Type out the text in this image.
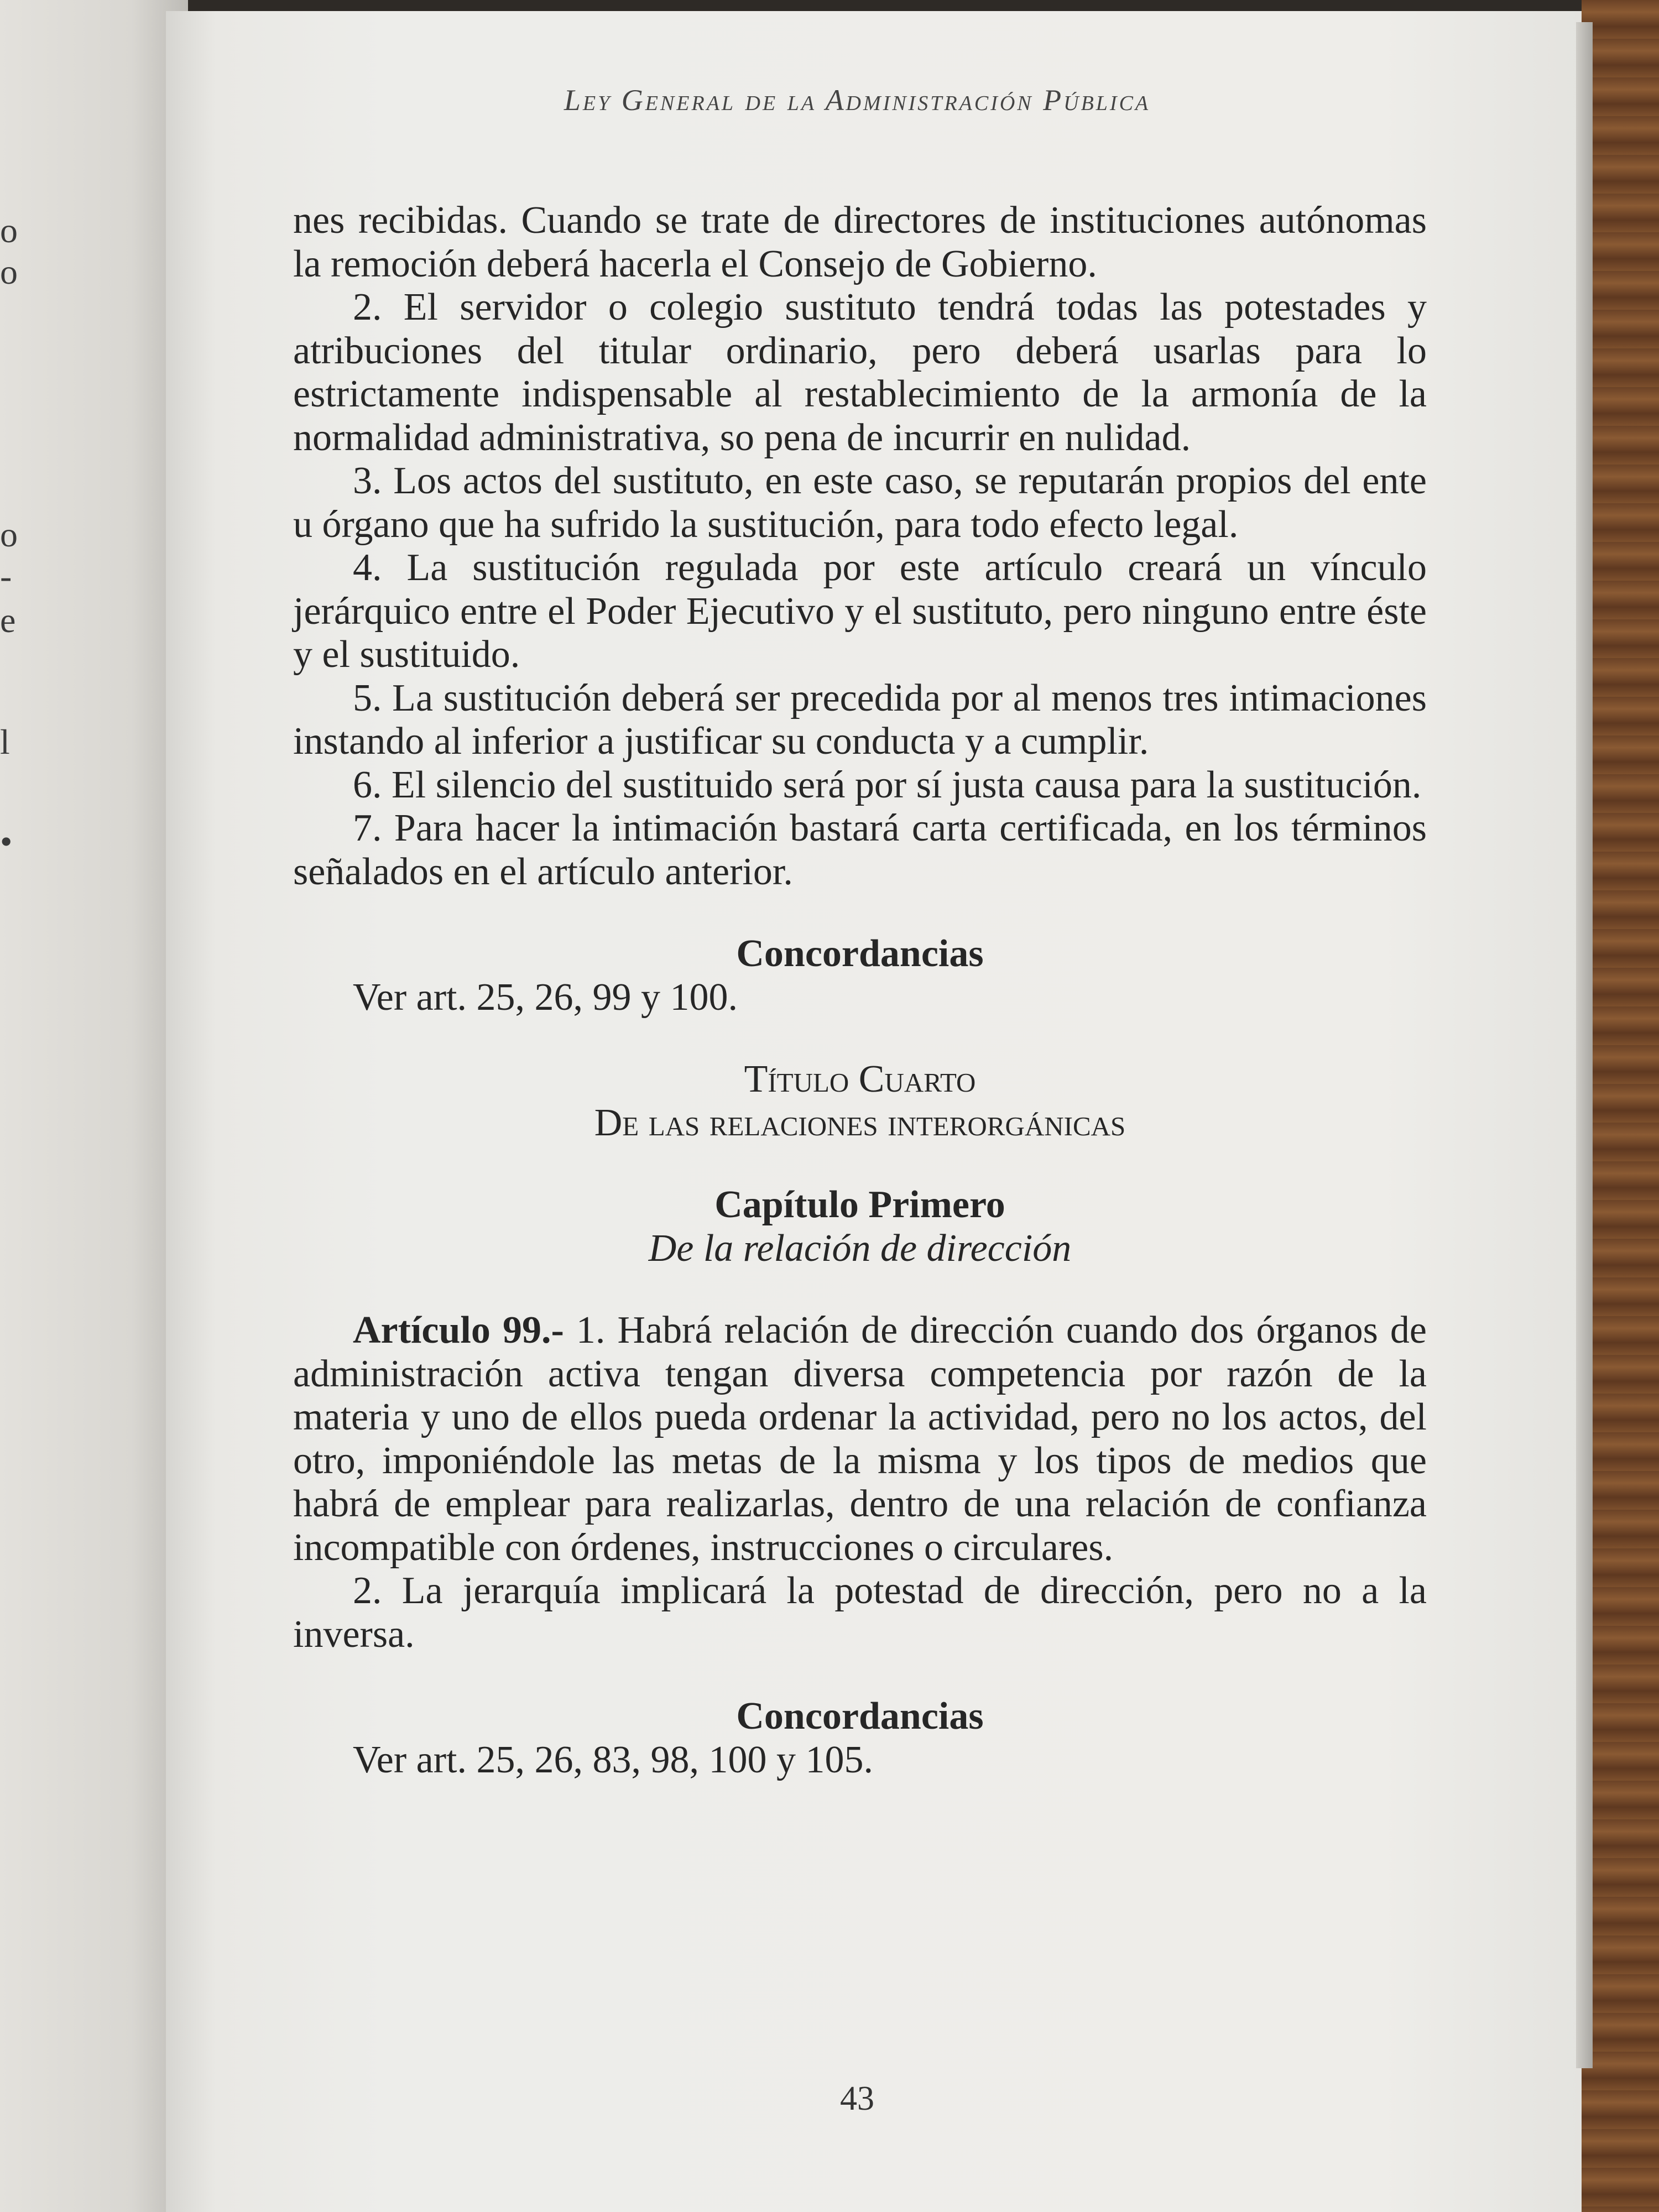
o
o
o
-
e
l
•
Ley General de la Administración Pública

nes recibidas. Cuando se trate de directores de instituciones autónomas la remoción deberá hacerla el Consejo de Gobierno.

2. El servidor o colegio sustituto tendrá todas las potestades y atribuciones del titular ordinario, pero deberá usarlas para lo estrictamente indispensable al restablecimiento de la armonía de la normalidad administrativa, so pena de incurrir en nulidad.

3. Los actos del sustituto, en este caso, se reputarán propios del ente u órgano que ha sufrido la sustitución, para todo efecto legal.

4. La sustitución regulada por este artículo creará un vínculo jerárquico entre el Poder Ejecutivo y el sustituto, pero ninguno entre éste y el sustituido.

5. La sustitución deberá ser precedida por al menos tres intimaciones instando al inferior a justificar su conducta y a cumplir.

6. El silencio del sustituido será por sí justa causa para la sustitución.

7. Para hacer la intimación bastará carta certificada, en los términos señalados en el artículo anterior.

Concordancias

Ver art. 25, 26, 99 y 100.

Título Cuarto

De las relaciones interorgánicas

Capítulo Primero

De la relación de dirección

Artículo 99.- 1. Habrá relación de dirección cuando dos órganos de administración activa tengan diversa competencia por razón de la materia y uno de ellos pueda ordenar la actividad, pero no los actos, del otro, imponiéndole las metas de la misma y los tipos de medios que habrá de emplear para realizarlas, dentro de una relación de confianza incompatible con órdenes, instrucciones o circulares.

2. La jerarquía implicará la potestad de dirección, pero no a la inversa.

Concordancias

Ver art. 25, 26, 83, 98, 100 y 105.

43
